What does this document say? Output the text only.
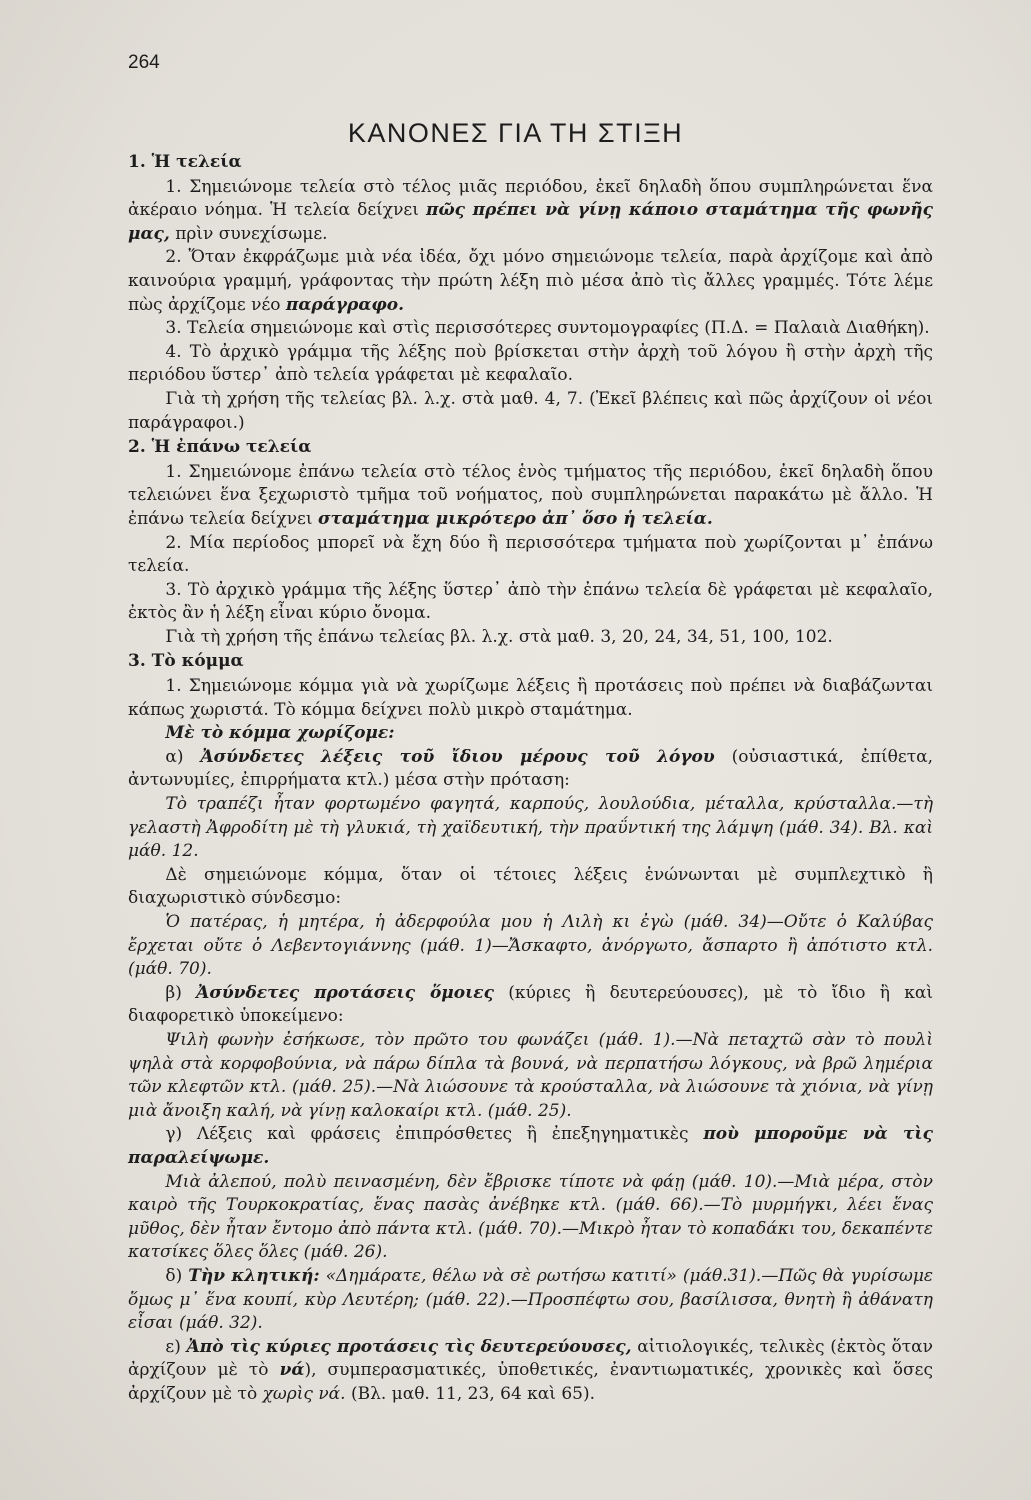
264

ΚΑΝΟΝΕΣ ΓΙΑ ΤΗ ΣΤΙΞΗ

1. Ἡ τελεία

1. Σημειώνομε τελεία στὸ τέλος μιᾶς περιόδου, ἐκεῖ δηλαδὴ ὅπου συμπληρώνεται ἕνα ἀκέραιο νόημα. Ἡ τελεία δείχνει πῶς πρέπει νὰ γίνῃ κάποιο σταμάτημα τῆς φωνῆς μας, πρὶν συνεχίσωμε.

2. Ὅταν ἐκφράζωμε μιὰ νέα ἰδέα, ὄχι μόνο σημειώνομε τελεία, παρὰ ἀρχίζομε καὶ ἀπὸ καινούρια γραμμή, γράφοντας τὴν πρώτη λέξη πιὸ μέσα ἀπὸ τὶς ἄλλες γραμμές. Τότε λέμε πὼς ἀρχίζομε νέο παράγραφο.

3. Τελεία σημειώνομε καὶ στὶς περισσότερες συντομογραφίες (Π.Δ. = Παλαιὰ Διαθήκη).

4. Τὸ ἀρχικὸ γράμμα τῆς λέξης ποὺ βρίσκεται στὴν ἀρχὴ τοῦ λόγου ἢ στὴν ἀρχὴ τῆς περιόδου ὕστερ᾿ ἀπὸ τελεία γράφεται μὲ κεφαλαῖο.

Γιὰ τὴ χρήση τῆς τελείας βλ. λ.χ. στὰ μαθ. 4, 7. (Ἐκεῖ βλέπεις καὶ πῶς ἀρχίζουν οἱ νέοι παράγραφοι.)

2. Ἡ ἐπάνω τελεία

1. Σημειώνομε ἐπάνω τελεία στὸ τέλος ἑνὸς τμήματος τῆς περιόδου, ἐκεῖ δηλαδὴ ὅπου τελειώνει ἕνα ξεχωριστὸ τμῆμα τοῦ νοήματος, ποὺ συμπληρώνεται παρακάτω μὲ ἄλλο. Ἡ ἐπάνω τελεία δείχνει σταμάτημα μικρότερο ἀπ᾿ ὅσο ἡ τελεία.

2. Μία περίοδος μπορεῖ νὰ ἔχη δύο ἢ περισσότερα τμήματα ποὺ χωρίζονται μ᾿ ἐπάνω τελεία.

3. Τὸ ἀρχικὸ γράμμα τῆς λέξης ὕστερ᾿ ἀπὸ τὴν ἐπάνω τελεία δὲ γράφεται μὲ κεφαλαῖο, ἐκτὸς ἂν ἡ λέξη εἶναι κύριο ὄνομα.

Γιὰ τὴ χρήση τῆς ἐπάνω τελείας βλ. λ.χ. στὰ μαθ. 3, 20, 24, 34, 51, 100, 102.

3. Τὸ κόμμα

1. Σημειώνομε κόμμα γιὰ νὰ χωρίζωμε λέξεις ἢ προτάσεις ποὺ πρέπει νὰ διαβάζωνται κάπως χωριστά. Τὸ κόμμα δείχνει πολὺ μικρὸ σταμάτημα.

Μὲ τὸ κόμμα χωρίζομε:

α) Ἀσύνδετες λέξεις τοῦ ἴδιου μέρους τοῦ λόγου (οὐσιαστικά, ἐπίθετα, ἀντωνυμίες, ἐπιρρήματα κτλ.) μέσα στὴν πρόταση:

Τὸ τραπέζι ἦταν φορτωμένο φαγητά, καρπούς, λουλούδια, μέταλλα, κρύσταλλα.—τὴ γελαστὴ Ἀφροδίτη μὲ τὴ γλυκιά, τὴ χαϊδευτική, τὴν πραΰντική της λάμψη (μάθ. 34). Βλ. καὶ μάθ. 12.

Δὲ σημειώνομε κόμμα, ὅταν οἱ τέτοιες λέξεις ἑνώνωνται μὲ συμπλεχτικὸ ἢ διαχωριστικὸ σύνδεσμο:

Ὁ πατέρας, ἡ μητέρα, ἡ ἀδερφούλα μου ἡ Λιλὴ κι ἐγὼ (μάθ. 34)—Οὔτε ὁ Καλύβας ἔρχεται οὔτε ὁ Λεβεντογιάννης (μάθ. 1)—Ἄσκαφτο, ἀνόργωτο, ἄσπαρτο ἢ ἀπότιστο κτλ. (μάθ. 70).

β) Ἀσύνδετες προτάσεις ὅμοιες (κύριες ἢ δευτερεύουσες), μὲ τὸ ἴδιο ἢ καὶ διαφορετικὸ ὑποκείμενο:

Ψιλὴ φωνὴν ἐσήκωσε, τὸν πρῶτο του φωνάζει (μάθ. 1).—Νὰ πεταχτῶ σὰν τὸ πουλὶ ψηλὰ στὰ κορφοβούνια, νὰ πάρω δίπλα τὰ βουνά, νὰ περπατήσω λόγκους, νὰ βρῶ λημέρια τῶν κλεφτῶν κτλ. (μάθ. 25).—Νὰ λιώσουνε τὰ κρούσταλλα, νὰ λιώσουνε τὰ χιόνια, νὰ γίνῃ μιὰ ἄνοιξη καλή, νὰ γίνῃ καλοκαίρι κτλ. (μάθ. 25).

γ) Λέξεις καὶ φράσεις ἐπιπρόσθετες ἢ ἐπεξηγηματικὲς ποὺ μποροῦμε νὰ τὶς παραλείψωμε.

Μιὰ ἀλεπού, πολὺ πεινασμένη, δὲν ἔβρισκε τίποτε νὰ φάῃ (μάθ. 10).—Μιὰ μέρα, στὸν καιρὸ τῆς Τουρκοκρατίας, ἕνας πασὰς ἀνέβηκε κτλ. (μάθ. 66).—Τὸ μυρμήγκι, λέει ἕνας μῦθος, δὲν ἦταν ἔντομο ἀπὸ πάντα κτλ. (μάθ. 70).—Μικρὸ ἦταν τὸ κοπαδάκι του, δεκαπέντε κατσίκες ὅλες ὅλες (μάθ. 26).

δ) Τὴν κλητική: «Δημάρατε, θέλω νὰ σὲ ρωτήσω κατιτί» (μάθ.31).—Πῶς θὰ γυρίσωμε ὅμως μ᾿ ἕνα κουπί, κὺρ Λευτέρη; (μάθ. 22).—Προσπέφτω σου, βασίλισσα, θνητὴ ἢ ἀθάνατη εἶσαι (μάθ. 32).

ε) Ἀπὸ τὶς κύριες προτάσεις τὶς δευτερεύουσες, αἰτιολογικές, τελικὲς (ἐκτὸς ὅταν ἀρχίζουν μὲ τὸ νά), συμπερασματικές, ὑποθετικές, ἐναντιωματικές, χρονικὲς καὶ ὅσες ἀρχίζουν μὲ τὸ χωρὶς νά. (Βλ. μαθ. 11, 23, 64 καὶ 65).
